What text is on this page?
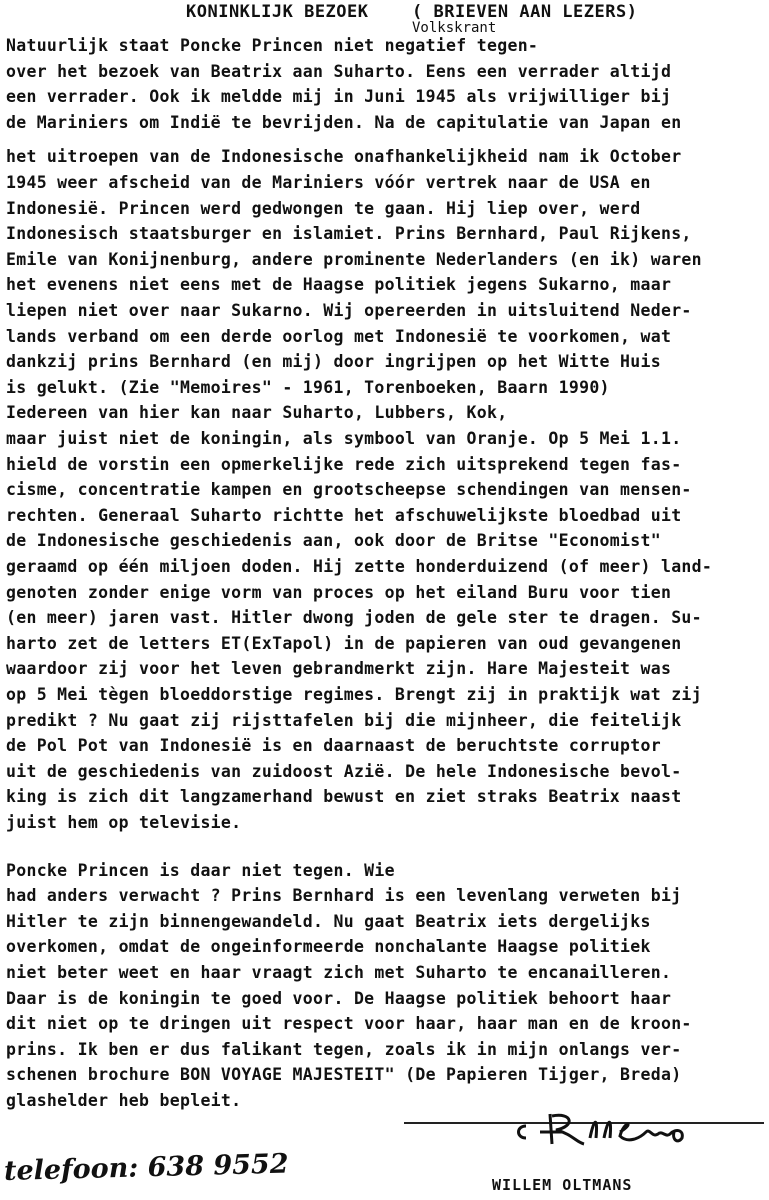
KONINKLIJK BEZOEK	( BRIEVEN AAN LEZERS)
Volkskrant
Natuurlijk staat Poncke Princen niet negatief tegen-
over het bezoek van Beatrix aan Suharto. Eens een verrader altijd
een verrader. Ook ik meldde mij in Juni 1945 als vrijwilliger bij
de Mariniers om Indië te bevrijden. Na de capitulatie van Japan en
het uitroepen van de Indonesische onafhankelijkheid nam ik October
1945 weer afscheid van de Mariniers vóór vertrek naar de USA en
Indonesië. Princen werd gedwongen te gaan. Hij liep over, werd
Indonesisch staatsburger en islamiet. Prins Bernhard, Paul Rijkens,
Emile van Konijnenburg, andere prominente Nederlanders (en ik) waren
het evenens niet eens met de Haagse politiek jegens Sukarno, maar
liepen niet over naar Sukarno. Wij opereerden in uitsluitend Neder-
lands verband om een derde oorlog met Indonesië te voorkomen, wat
dankzij prins Bernhard (en mij) door ingrijpen op het Witte Huis
is gelukt. (Zie "Memoires" - 1961, Torenboeken, Baarn 1990)
Iedereen van hier kan naar Suharto, Lubbers, Kok,
maar juist niet de koningin, als symbool van Oranje. Op 5 Mei 1.1.
hield de vorstin een opmerkelijke rede zich uitsprekend tegen fas-
cisme, concentratie kampen en grootscheepse schendingen van mensen-
rechten. Generaal Suharto richtte het afschuwelijkste bloedbad uit
de Indonesische geschiedenis aan, ook door de Britse "Economist"
geraamd op één miljoen doden. Hij zette honderduizend (of meer) land-
genoten zonder enige vorm van proces op het eiland Buru voor tien
(en meer) jaren vast. Hitler dwong joden de gele ster te dragen. Su-
harto zet de letters ET(ExTapol) in de papieren van oud gevangenen
waardoor zij voor het leven gebrandmerkt zijn. Hare Majesteit was
op 5 Mei tègen bloeddorstige regimes. Brengt zij in praktijk wat zij
predikt ? Nu gaat zij rijsttafelen bij die mijnheer, die feitelijk
de Pol Pot van Indonesië is en daarnaast de beruchtste corruptor
uit de geschiedenis van zuidoost Azië. De hele Indonesische bevol-
king is zich dit langzamerhand bewust en ziet straks Beatrix naast
juist hem op televisie.
Poncke Princen is daar niet tegen. Wie
had anders verwacht ? Prins Bernhard is een levenlang verweten bij
Hitler te zijn binnengewandeld. Nu gaat Beatrix iets dergelijks
overkomen, omdat de ongeinformeerde nonchalante Haagse politiek
niet beter weet en haar vraagt zich met Suharto te encanailleren.
Daar is de koningin te goed voor. De Haagse politiek behoort haar
dit niet op te dringen uit respect voor haar, haar man en de kroon-
prins. Ik ben er dus falikant tegen, zoals ik in mijn onlangs ver-
schenen brochure BON VOYAGE MAJESTEIT" (De Papieren Tijger, Breda)
glashelder heb bepleit.
telefoon: 638 9552	WILLEM OLTMANS
